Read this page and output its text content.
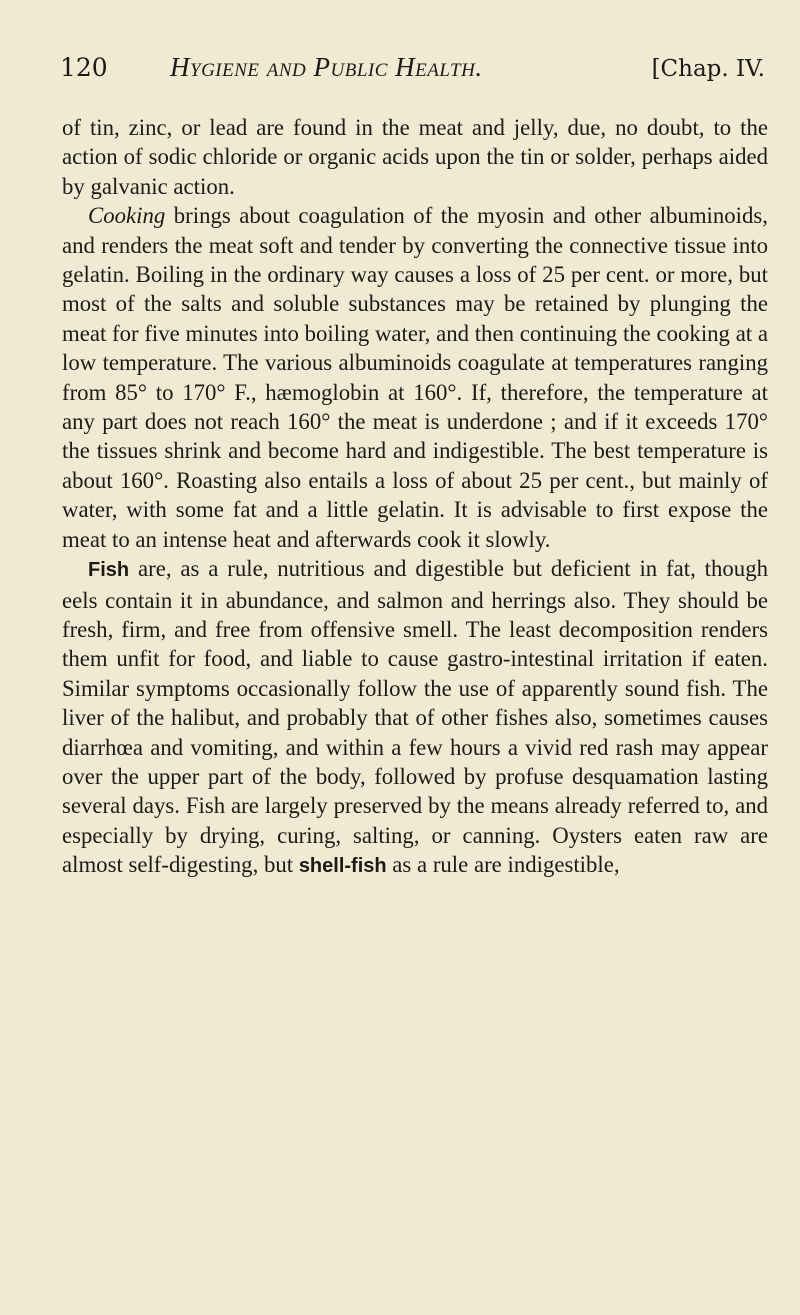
120	Hygiene and Public Health.	[Chap. IV.

of tin, zinc, or lead are found in the meat and jelly, due, no doubt, to the action of sodic chloride or organic acids upon the tin or solder, perhaps aided by galvanic action.

Cooking brings about coagulation of the myosin and other albuminoids, and renders the meat soft and tender by converting the connective tissue into gelatin. Boiling in the ordinary way causes a loss of 25 per cent. or more, but most of the salts and soluble substances may be retained by plunging the meat for five minutes into boiling water, and then continuing the cooking at a low temperature. The various albuminoids coagulate at temperatures ranging from 85° to 170° F., hæmoglobin at 160°. If, therefore, the temperature at any part does not reach 160° the meat is underdone ; and if it exceeds 170° the tissues shrink and become hard and indigestible. The best temperature is about 160°. Roasting also entails a loss of about 25 per cent., but mainly of water, with some fat and a little gelatin. It is advisable to first expose the meat to an intense heat and afterwards cook it slowly.

Fish are, as a rule, nutritious and digestible but deficient in fat, though eels contain it in abundance, and salmon and herrings also. They should be fresh, firm, and free from offensive smell. The least decomposition renders them unfit for food, and liable to cause gastro-intestinal irritation if eaten. Similar symptoms occasionally follow the use of apparently sound fish. The liver of the halibut, and probably that of other fishes also, sometimes causes diarrhœa and vomiting, and within a few hours a vivid red rash may appear over the upper part of the body, followed by profuse desquamation lasting several days. Fish are largely preserved by the means already referred to, and especially by drying, curing, salting, or canning. Oysters eaten raw are almost self-digesting, but shell-fish as a rule are indigestible,
